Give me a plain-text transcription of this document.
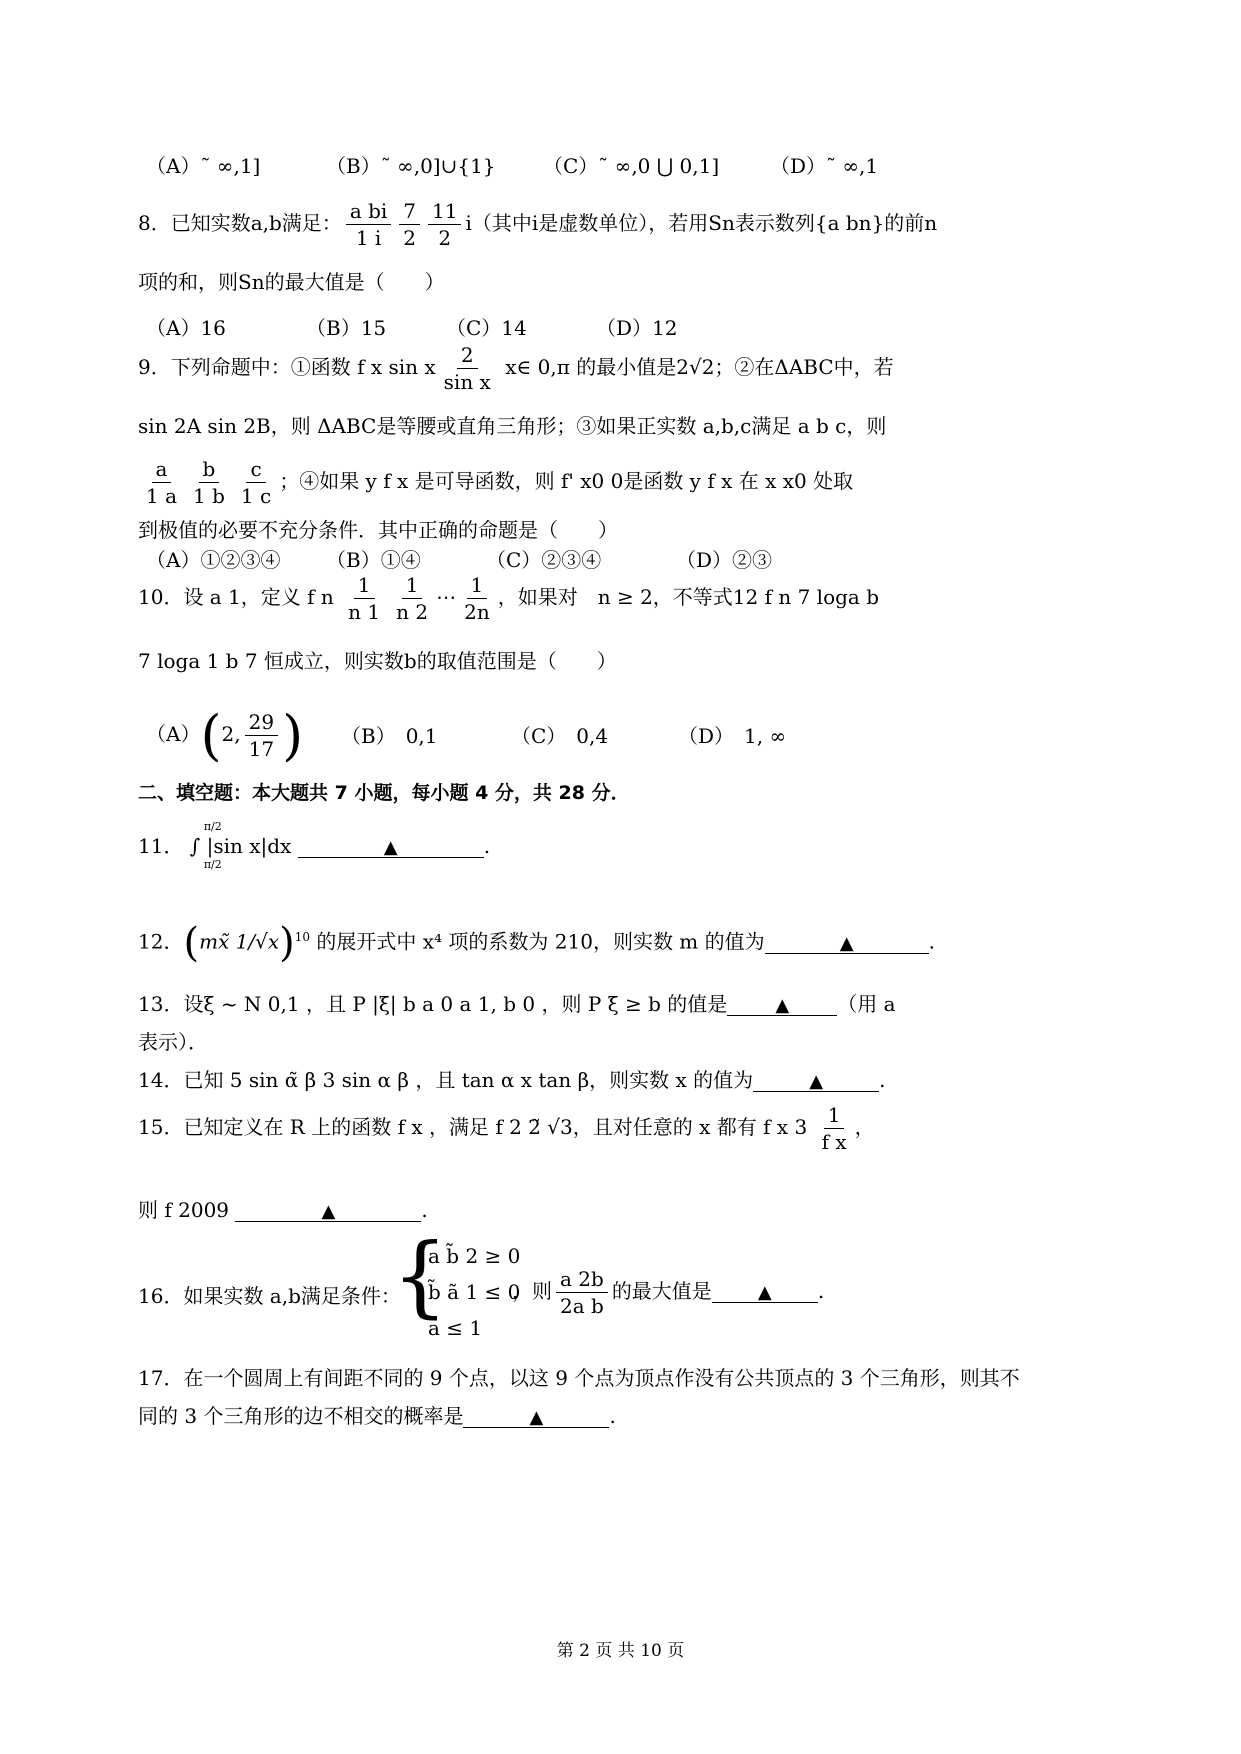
（A）˜ ∞,1]	（B）˜ ∞,0]∪{1} （C）˜ ∞,0 ⋃ 0,1]	（D）˜ ∞,1
8．已知实数a,b满足： $\frac{\text{a bi}}{1 i} \frac{7}{2} \frac{11}{2} i$（其中i是虚数单位），若用Sn表示数列{a bn}的前n
项的和，则Sn的最大值是（　　）
（A）16	（B）15	（C）14	（D）12
9．下列命题中：①函数 f x sin x $\frac{2}{\text{sin x}}$ x∈ 0,π 的最小值是2√2；②在ΔABC中，若
sin 2A sin 2B，则 ΔABC是等腰或直角三角形；③如果正实数 a,b,c满足 a b c，则
$\frac{a}{1 a} \frac{b}{1 b} \frac{c}{1 c}$ ；④如果 y f x 是可导函数，则 f' x0 0是函数 y f x 在 x x0 处取
到极值的必要不充分条件．其中正确的命题是（　　）
（A）①②③④ （B）①④	（C）②③④	（D）②③
10．设 a 1，定义 f n $\frac{1}{n 1} \frac{1}{n 2}$ ⋯ $\frac{1}{2n}$ ，如果对　n ≥ 2，不等式12 f n 7 loga b
7 loga 1 b 7 恒成立，则实数b的取值范围是（　　）
（A）(2, $\frac{29}{17}$ ) （B）　0,1	（C）　0,4	（D）　1, ∞
二、填空题：本大题共 7 小题，每小题 4 分，共 28 分．
11．
π/2
π/2
∫ |sin x|dx	▲	.
12．(mx̃ 1/√x)$^{10}$ 的展开式中 x⁴ 项的系数为 210，则实数 m 的值为	▲	.
13．设ξ ~ N 0,1 ，且 P |ξ| b a 0 a 1, b 0 ，则 P ξ ≥ b 的值是	▲ （用 a
表示）．
14．已知 5 sin α̃ β 3 sin α β ，且 tan α x tan β，则实数 x 的值为	▲	.
15．已知定义在 R 上的函数 f x ，满足 f 2 2̃ √3，且对任意的 x 都有 f x $3 \frac{1}{\text{f x}}$ ，
则 f 2009	▲	.
16．如果实数 a,b满足条件：
{
a b̃ 2 ≥ 0
b̃ ã 1 ≤ 0
a ≤ 1
，则 $\frac{a 2b}{\text{2a b}}$ 的最大值是	▲ .
17．在一个圆周上有间距不同的 9 个点，以这 9 个点为顶点作没有公共顶点的 3 个三角形，则其不
同的 3 个三角形的边不相交的概率是	▲	.
第 2 页 共 10 页
